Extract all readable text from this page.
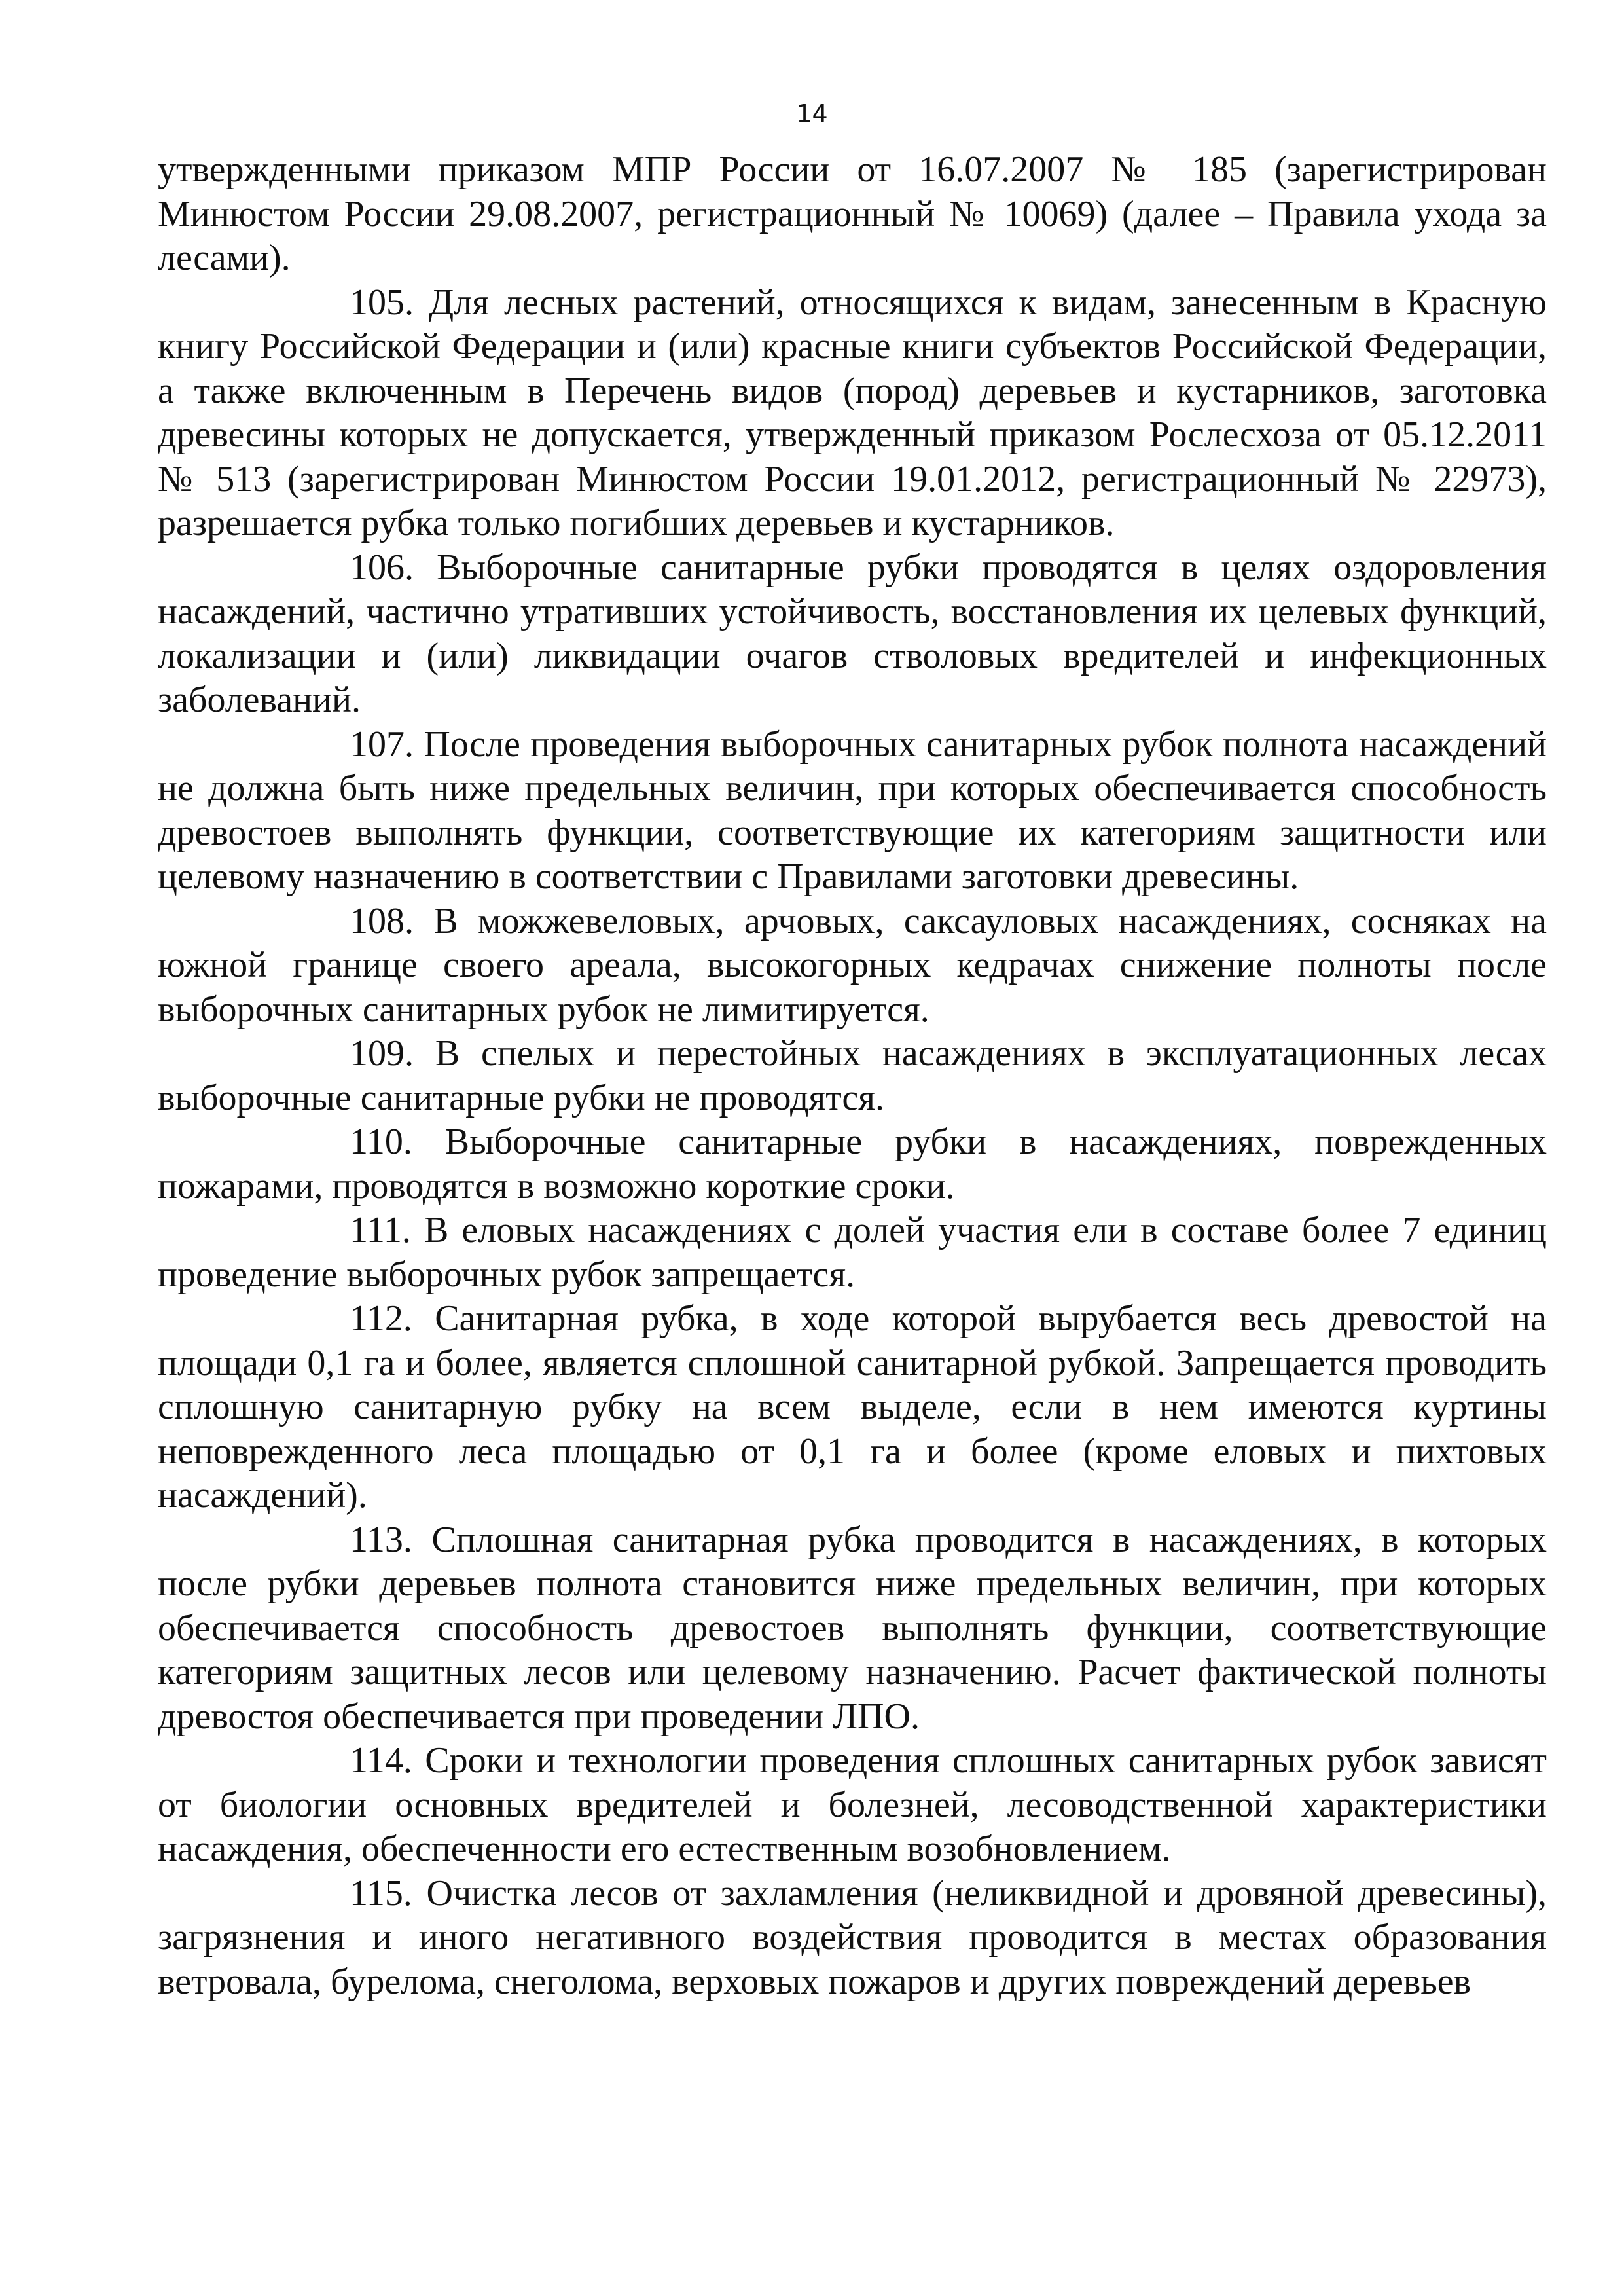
14

утвержденными приказом МПР России от 16.07.2007 № 185 (зарегистрирован Минюстом России 29.08.2007, регистрационный № 10069) (далее – Правила ухода за лесами).

105. Для лесных растений, относящихся к видам, занесенным в Красную книгу Российской Федерации и (или) красные книги субъектов Российской Федерации, а также включенным в Перечень видов (пород) деревьев и кустарников, заготовка древесины которых не допускается, утвержденный приказом Рослесхоза от 05.12.2011 № 513 (зарегистрирован Минюстом России 19.01.2012, регистрационный № 22973), разрешается рубка только погибших деревьев и кустарников.

106. Выборочные санитарные рубки проводятся в целях оздоровления насаждений, частично утративших устойчивость, восстановления их целевых функций, локализации и (или) ликвидации очагов стволовых вредителей и инфекционных заболеваний.

107. После проведения выборочных санитарных рубок полнота насаждений не должна быть ниже предельных величин, при которых обеспечивается способность древостоев выполнять функции, соответствующие их категориям защитности или целевому назначению в соответствии с Правилами заготовки древесины.

108. В можжевеловых, арчовых, саксауловых насаждениях, сосняках на южной границе своего ареала, высокогорных кедрачах снижение полноты после выборочных санитарных рубок не лимитируется.

109. В спелых и перестойных насаждениях в эксплуатационных лесах выборочные санитарные рубки не проводятся.

110. Выборочные санитарные рубки в насаждениях, поврежденных пожарами, проводятся в возможно короткие сроки.

111. В еловых насаждениях с долей участия ели в составе более 7 единиц проведение выборочных рубок запрещается.

112. Санитарная рубка, в ходе которой вырубается весь древостой на площади 0,1 га и более, является сплошной санитарной рубкой. Запрещается проводить сплошную санитарную рубку на всем выделе, если в нем имеются куртины неповрежденного леса площадью от 0,1 га и более (кроме еловых и пихтовых насаждений).

113. Сплошная санитарная рубка проводится в насаждениях, в которых после рубки деревьев полнота становится ниже предельных величин, при которых обеспечивается способность древостоев выполнять функции, соответствующие категориям защитных лесов или целевому назначению. Расчет фактической полноты древостоя обеспечивается при проведении ЛПО.

114. Сроки и технологии проведения сплошных санитарных рубок зависят от биологии основных вредителей и болезней, лесоводственной характеристики насаждения, обеспеченности его естественным возобновлением.

115. Очистка лесов от захламления (неликвидной и дровяной древесины), загрязнения и иного негативного воздействия проводится в местах образования ветровала, бурелома, снеголома, верховых пожаров и других повреждений деревьев
